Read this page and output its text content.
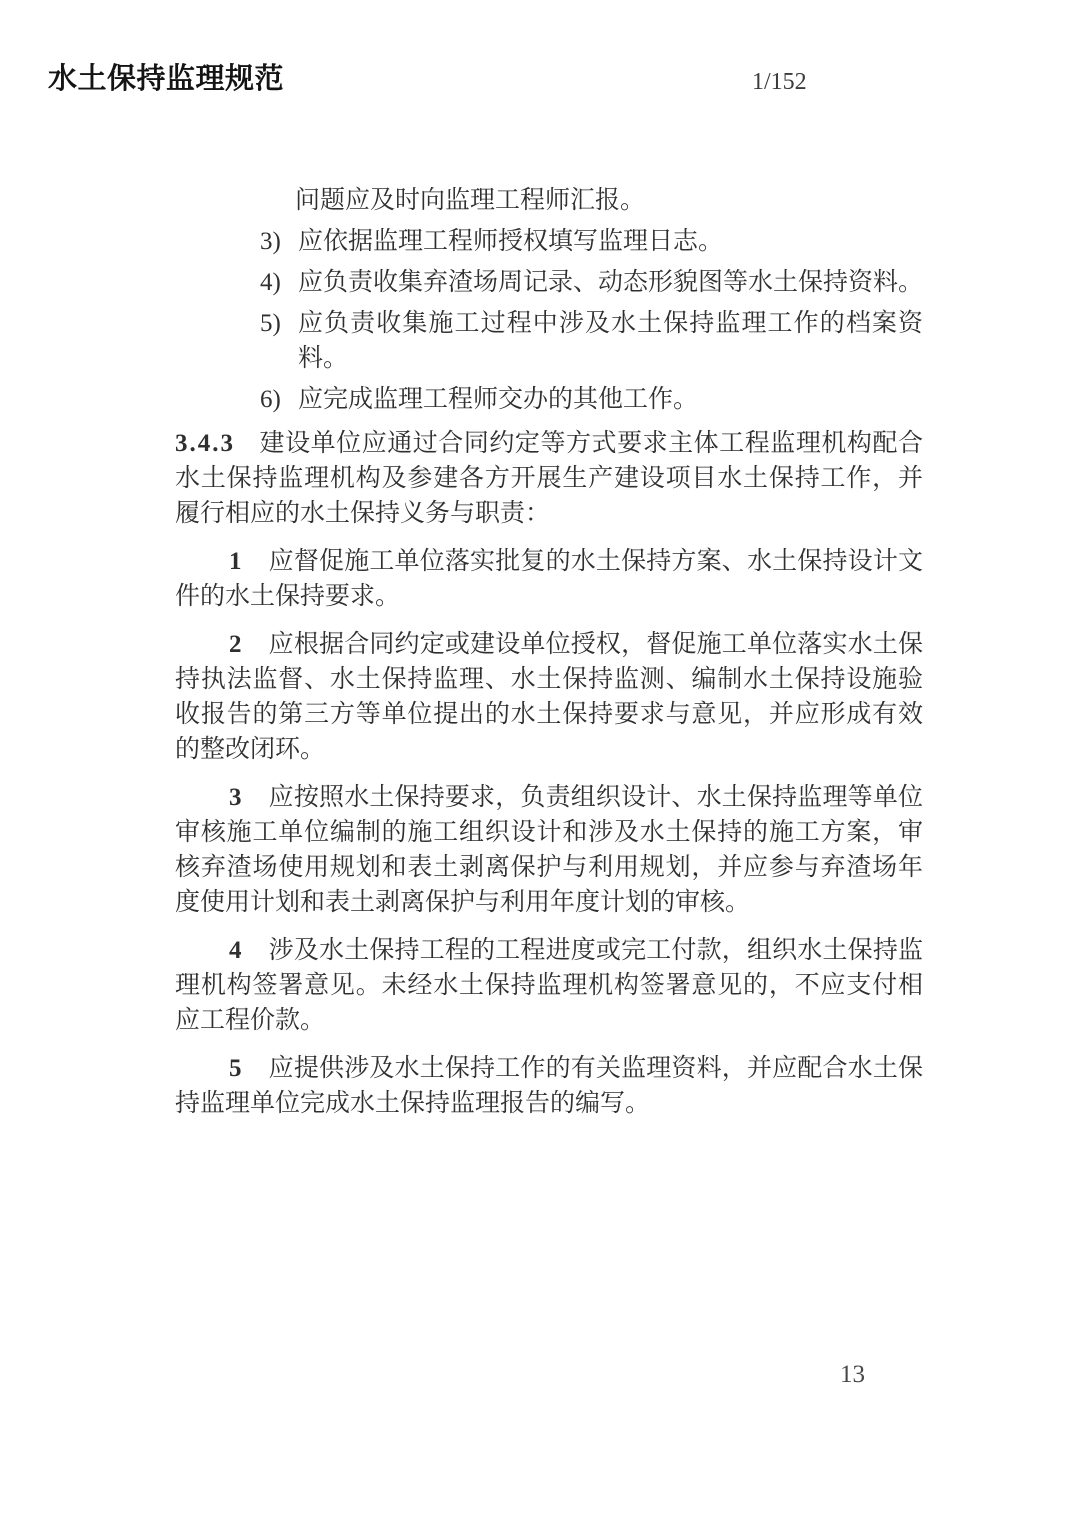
水土保持监理规范	1/152
问题应及时向监理工程师汇报。
3) 应依据监理工程师授权填写监理日志。
4) 应负责收集弃渣场周记录、动态形貌图等水土保持资料。
5) 应负责收集施工过程中涉及水土保持监理工作的档案资料。
6) 应完成监理工程师交办的其他工作。

3.4.3 建设单位应通过合同约定等方式要求主体工程监理机构配合水土保持监理机构及参建各方开展生产建设项目水土保持工作，并履行相应的水土保持义务与职责：

1 应督促施工单位落实批复的水土保持方案、水土保持设计文件的水土保持要求。

2 应根据合同约定或建设单位授权，督促施工单位落实水土保持执法监督、水土保持监理、水土保持监测、编制水土保持设施验收报告的第三方等单位提出的水土保持要求与意见，并应形成有效的整改闭环。

3 应按照水土保持要求，负责组织设计、水土保持监理等单位审核施工单位编制的施工组织设计和涉及水土保持的施工方案，审核弃渣场使用规划和表土剥离保护与利用规划，并应参与弃渣场年度使用计划和表土剥离保护与利用年度计划的审核。

4 涉及水土保持工程的工程进度或完工付款，组织水土保持监理机构签署意见。未经水土保持监理机构签署意见的，不应支付相应工程价款。

5 应提供涉及水土保持工作的有关监理资料，并应配合水土保持监理单位完成水土保持监理报告的编写。

13
